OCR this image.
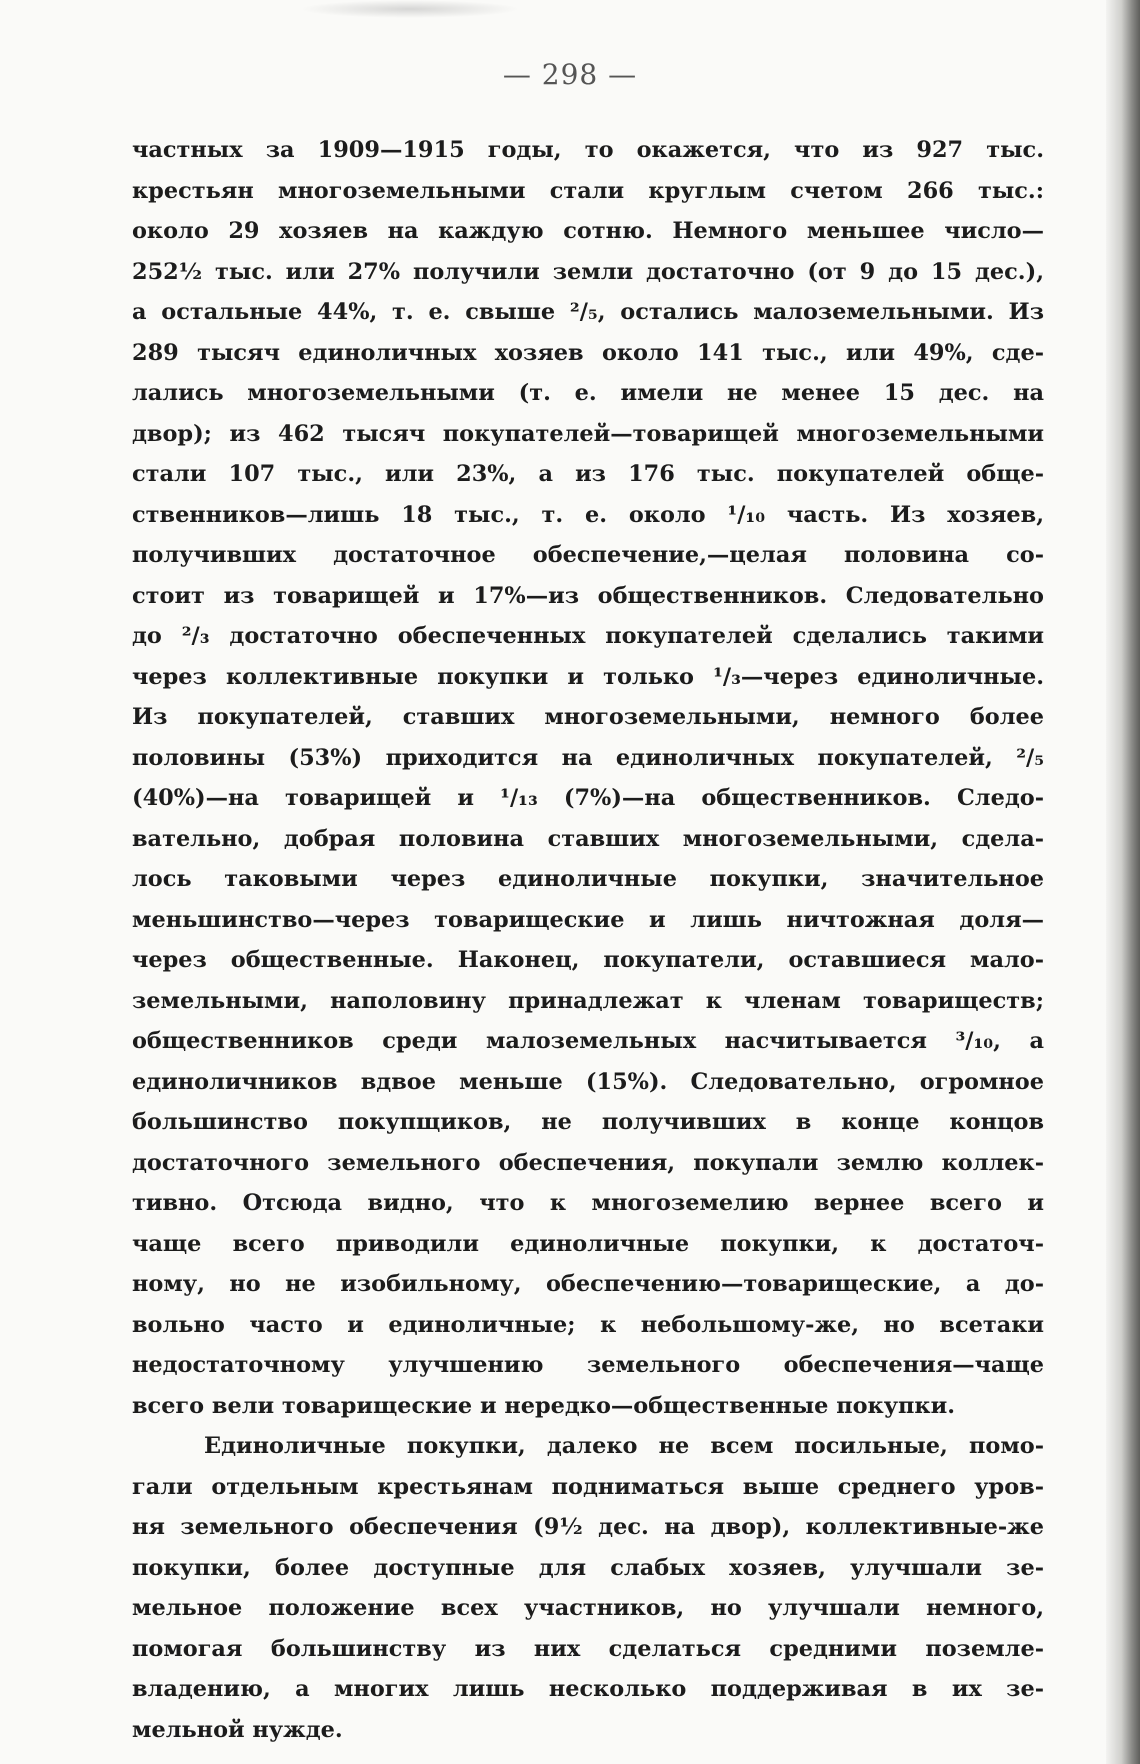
— 298 —
частных за 1909—1915 годы, то окажется, что из 927 тыс.
крестьян многоземельными стали круглым счетом 266 тыс.:
около 29 хозяев на каждую сотню. Немного меньшее число—
252½ тыс. или 27% получили земли достаточно (от 9 до 15 дес.),
а остальные 44%, т. е. свыше ²/₅, остались малоземельными. Из
289 тысяч единоличных хозяев около 141 тыс., или 49%, сде-
лались многоземельными (т. е. имели не менее 15 дес. на
двор); из 462 тысяч покупателей—товарищей многоземельными
стали 107 тыс., или 23%, а из 176 тыс. покупателей обще-
ственников—лишь 18 тыс., т. е. около ¹/₁₀ часть. Из хозяев,
получивших достаточное обеспечение,—целая половина со-
стоит из товарищей и 17%—из общественников. Следовательно
до ²/₃ достаточно обеспеченных покупателей сделались такими
через коллективные покупки и только ¹/₃—через единоличные.
Из покупателей, ставших многоземельными, немного более
половины (53%) приходится на единоличных покупателей, ²/₅
(40%)—на товарищей и ¹/₁₃ (7%)—на общественников. Следо-
вательно, добрая половина ставших многоземельными, сдела-
лось таковыми через единоличные покупки, значительное
меньшинство—через товарищеские и лишь ничтожная доля—
через общественные. Наконец, покупатели, оставшиеся мало-
земельными, наполовину принадлежат к членам товариществ;
общественников среди малоземельных насчитывается ³/₁₀, а
единоличников вдвое меньше (15%). Следовательно, огромное
большинство покупщиков, не получивших в конце концов
достаточного земельного обеспечения, покупали землю коллек-
тивно. Отсюда видно, что к многоземелию вернее всего и
чаще всего приводили единоличные покупки, к достаточ-
ному, но не изобильному, обеспечению—товарищеские, а до-
вольно часто и единоличные; к небольшому-же, но всетаки
недостаточному улучшению земельного обеспечения—чаще
всего вели товарищеские и нередко—общественные покупки.
Единоличные покупки, далеко не всем посильные, помо-
гали отдельным крестьянам подниматься выше среднего уров-
ня земельного обеспечения (9½ дес. на двор), коллективные-же
покупки, более доступные для слабых хозяев, улучшали зе-
мельное положение всех участников, но улучшали немного,
помогая большинству из них сделаться средними поземле-
владению, а многих лишь несколько поддерживая в их зе-
мельной нужде.
